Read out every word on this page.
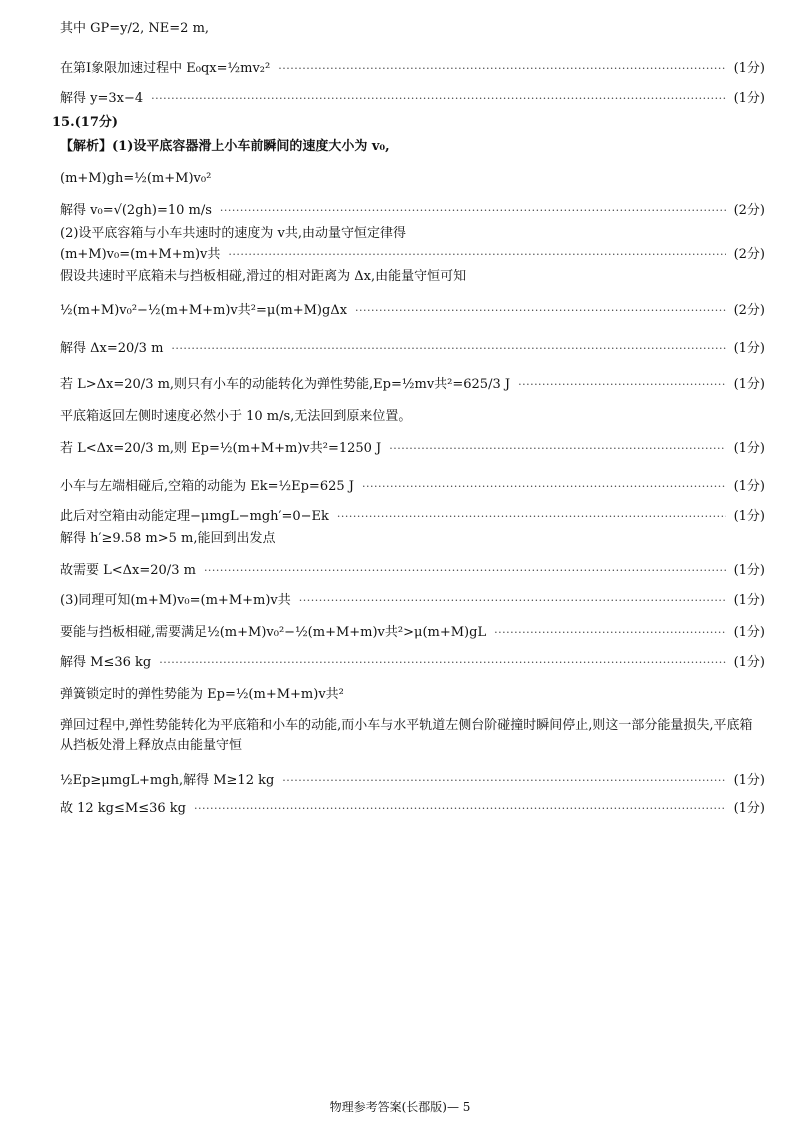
其中 GP=y/2, NE=2 m,
在第Ⅰ象限加速过程中 E₀qx=½mv₂² ·····	(1分)
解得 y=3x−4 ·····	(1分)
15.(17分)
【解析】(1)设平底容器滑上小车前瞬间的速度大小为 v₀,
(m+M)gh=½(m+M)v₀²
解得 v₀=√(2gh)=10 m/s ·····	(2分)
(2)设平底容箱与小车共速时的速度为 v共,由动量守恒定律得
(m+M)v₀=(m+M+m)v共 ·····	(2分)
假设共速时平底箱未与挡板相碰,滑过的相对距离为 Δx,由能量守恒可知
½(m+M)v₀²−½(m+M+m)v共²=μ(m+M)gΔx ·····	(2分)
解得 Δx=20/3 m ·····	(1分)
若 L>Δx=20/3 m,则只有小车的动能转化为弹性势能,Ep=½mv共²=625/3 J ·····	(1分)
平底箱返回左侧时速度必然小于 10 m/s,无法回到原来位置。
若 L<Δx=20/3 m,则 Ep=½(m+M+m)v共²=1250 J ·····	(1分)
小车与左端相碰后,空箱的动能为 Ek=½Ep=625 J ·····	(1分)
此后对空箱由动能定理−μmgL−mgh′=0−Ek ·····	(1分)
解得 h′≥9.58 m>5 m,能回到出发点
故需要 L<Δx=20/3 m ·····	(1分)
(3)同理可知(m+M)v₀=(m+M+m)v共 ·····	(1分)
要能与挡板相碰,需要满足½(m+M)v₀²−½(m+M+m)v共²>μ(m+M)gL ·····	(1分)
解得 M≤36 kg ·····	(1分)
弹簧锁定时的弹性势能为 Ep=½(m+M+m)v共²
弹回过程中,弹性势能转化为平底箱和小车的动能,而小车与水平轨道左侧台阶碰撞时瞬间停止,则这一部分能量损失,平底箱从挡板处滑上释放点由能量守恒
½Ep≥μmgL+mgh,解得 M≥12 kg ·····	(1分)
故 12 kg≤M≤36 kg ·····	(1分)
物理参考答案(长郡版)— 5
